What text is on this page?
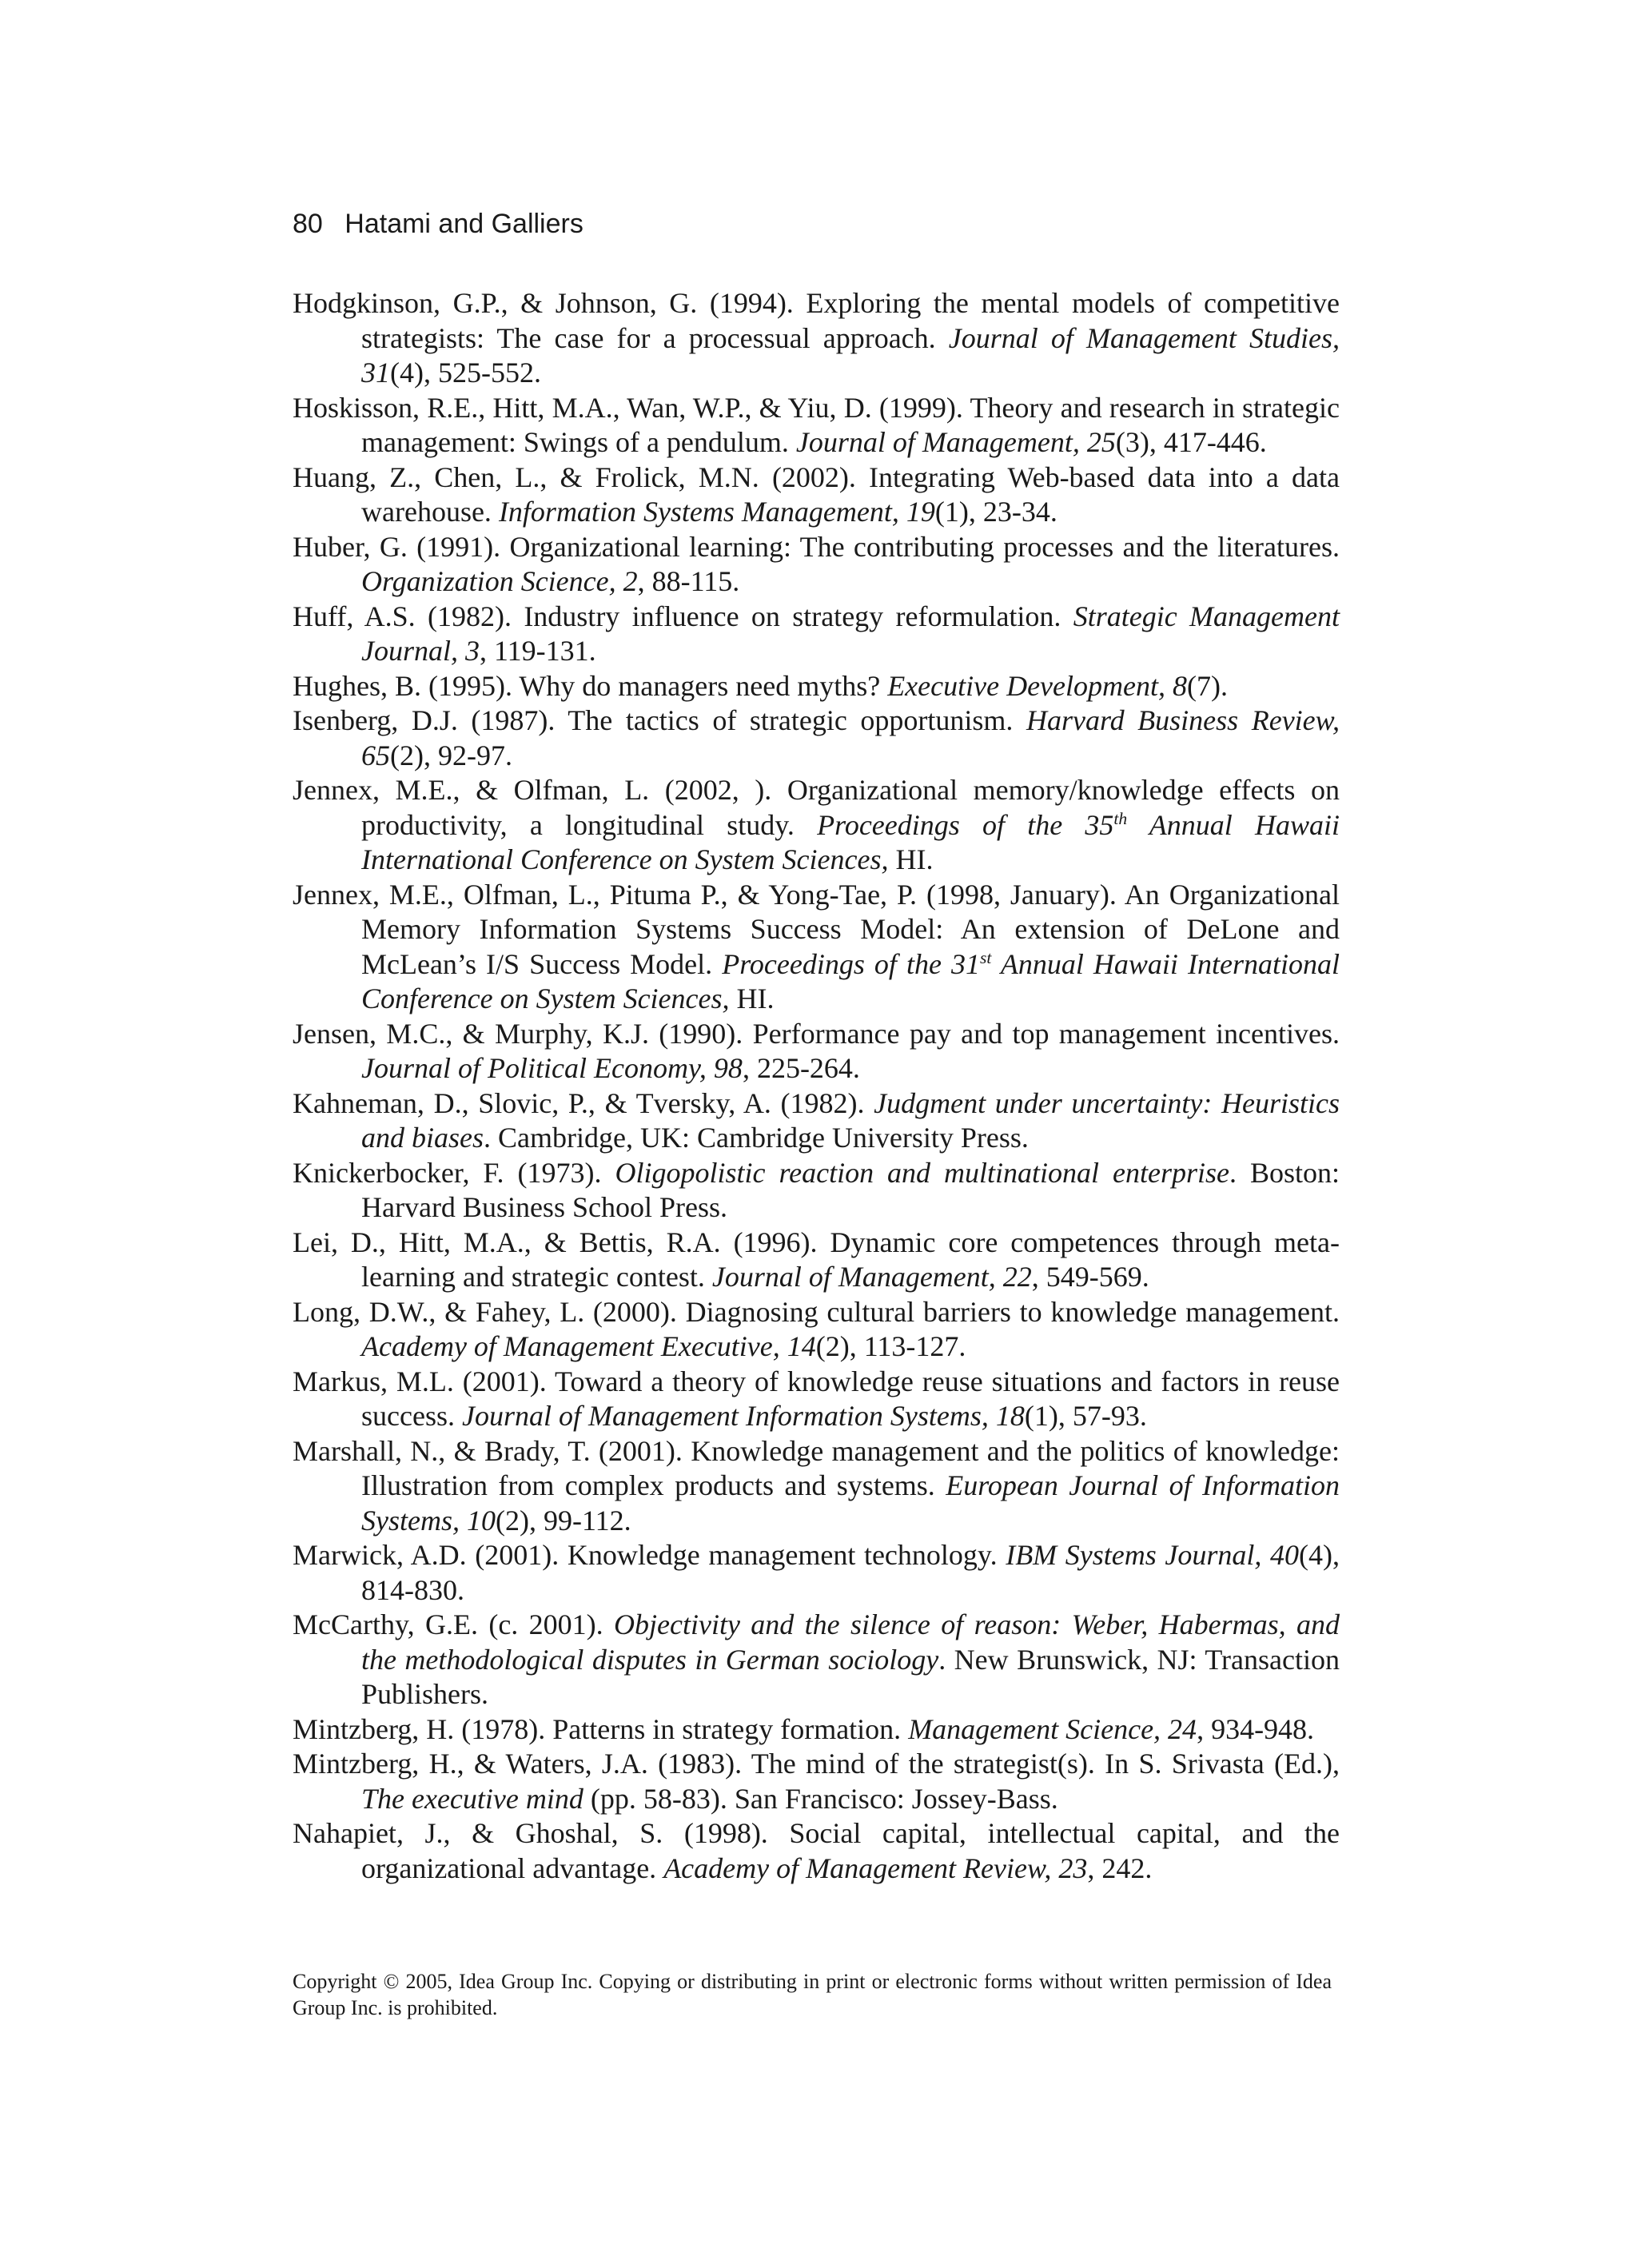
80 Hatami and Galliers

Hodgkinson, G.P., & Johnson, G. (1994). Exploring the mental models of competitive strategists: The case for a processual approach. Journal of Management Studies, 31(4), 525-552.

Hoskisson, R.E., Hitt, M.A., Wan, W.P., & Yiu, D. (1999). Theory and research in strategic management: Swings of a pendulum. Journal of Management, 25(3), 417-446.

Huang, Z., Chen, L., & Frolick, M.N. (2002). Integrating Web-based data into a data warehouse. Information Systems Management, 19(1), 23-34.

Huber, G. (1991). Organizational learning: The contributing processes and the literatures. Organization Science, 2, 88-115.

Huff, A.S. (1982). Industry influence on strategy reformulation. Strategic Management Journal, 3, 119-131.

Hughes, B. (1995). Why do managers need myths? Executive Development, 8(7).

Isenberg, D.J. (1987). The tactics of strategic opportunism. Harvard Business Review, 65(2), 92-97.

Jennex, M.E., & Olfman, L. (2002, ). Organizational memory/knowledge effects on productivity, a longitudinal study. Proceedings of the 35th Annual Hawaii International Conference on System Sciences, HI.

Jennex, M.E., Olfman, L., Pituma P., & Yong-Tae, P. (1998, January). An Organizational Memory Information Systems Success Model: An extension of DeLone and McLean’s I/S Success Model. Proceedings of the 31st Annual Hawaii International Conference on System Sciences, HI.

Jensen, M.C., & Murphy, K.J. (1990). Performance pay and top management incentives. Journal of Political Economy, 98, 225-264.

Kahneman, D., Slovic, P., & Tversky, A. (1982). Judgment under uncertainty: Heuristics and biases. Cambridge, UK: Cambridge University Press.

Knickerbocker, F. (1973). Oligopolistic reaction and multinational enterprise. Boston: Harvard Business School Press.

Lei, D., Hitt, M.A., & Bettis, R.A. (1996). Dynamic core competences through meta-learning and strategic contest. Journal of Management, 22, 549-569.

Long, D.W., & Fahey, L. (2000). Diagnosing cultural barriers to knowledge management. Academy of Management Executive, 14(2), 113-127.

Markus, M.L. (2001). Toward a theory of knowledge reuse situations and factors in reuse success. Journal of Management Information Systems, 18(1), 57-93.

Marshall, N., & Brady, T. (2001). Knowledge management and the politics of knowledge: Illustration from complex products and systems. European Journal of Information Systems, 10(2), 99-112.

Marwick, A.D. (2001). Knowledge management technology. IBM Systems Journal, 40(4), 814-830.

McCarthy, G.E. (c. 2001). Objectivity and the silence of reason: Weber, Habermas, and the methodological disputes in German sociology. New Brunswick, NJ: Transaction Publishers.

Mintzberg, H. (1978). Patterns in strategy formation. Management Science, 24, 934-948.

Mintzberg, H., & Waters, J.A. (1983). The mind of the strategist(s). In S. Srivasta (Ed.), The executive mind (pp. 58-83). San Francisco: Jossey-Bass.

Nahapiet, J., & Ghoshal, S. (1998). Social capital, intellectual capital, and the organizational advantage. Academy of Management Review, 23, 242.

Copyright © 2005, Idea Group Inc. Copying or distributing in print or electronic forms without written permission of Idea Group Inc. is prohibited.
